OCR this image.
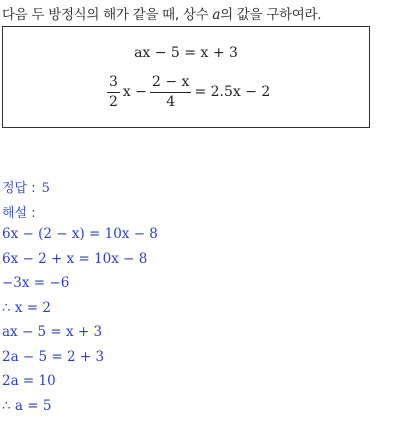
다음 두 방정식의 해가 같을 때, 상수 a의 값을 구하여라.
ax − 5 = x + 3
$\frac{3}{2}$ $x - \frac{2 - x}{4} = 2.5x - 2$
정답 : 5
해설 :
6x − (2 − x) = 10x − 8
6x − 2 + x = 10x − 8
−3x = −6
∴ x = 2
ax − 5 = x + 3
2a − 5 = 2 + 3
2a = 10
∴ a = 5
